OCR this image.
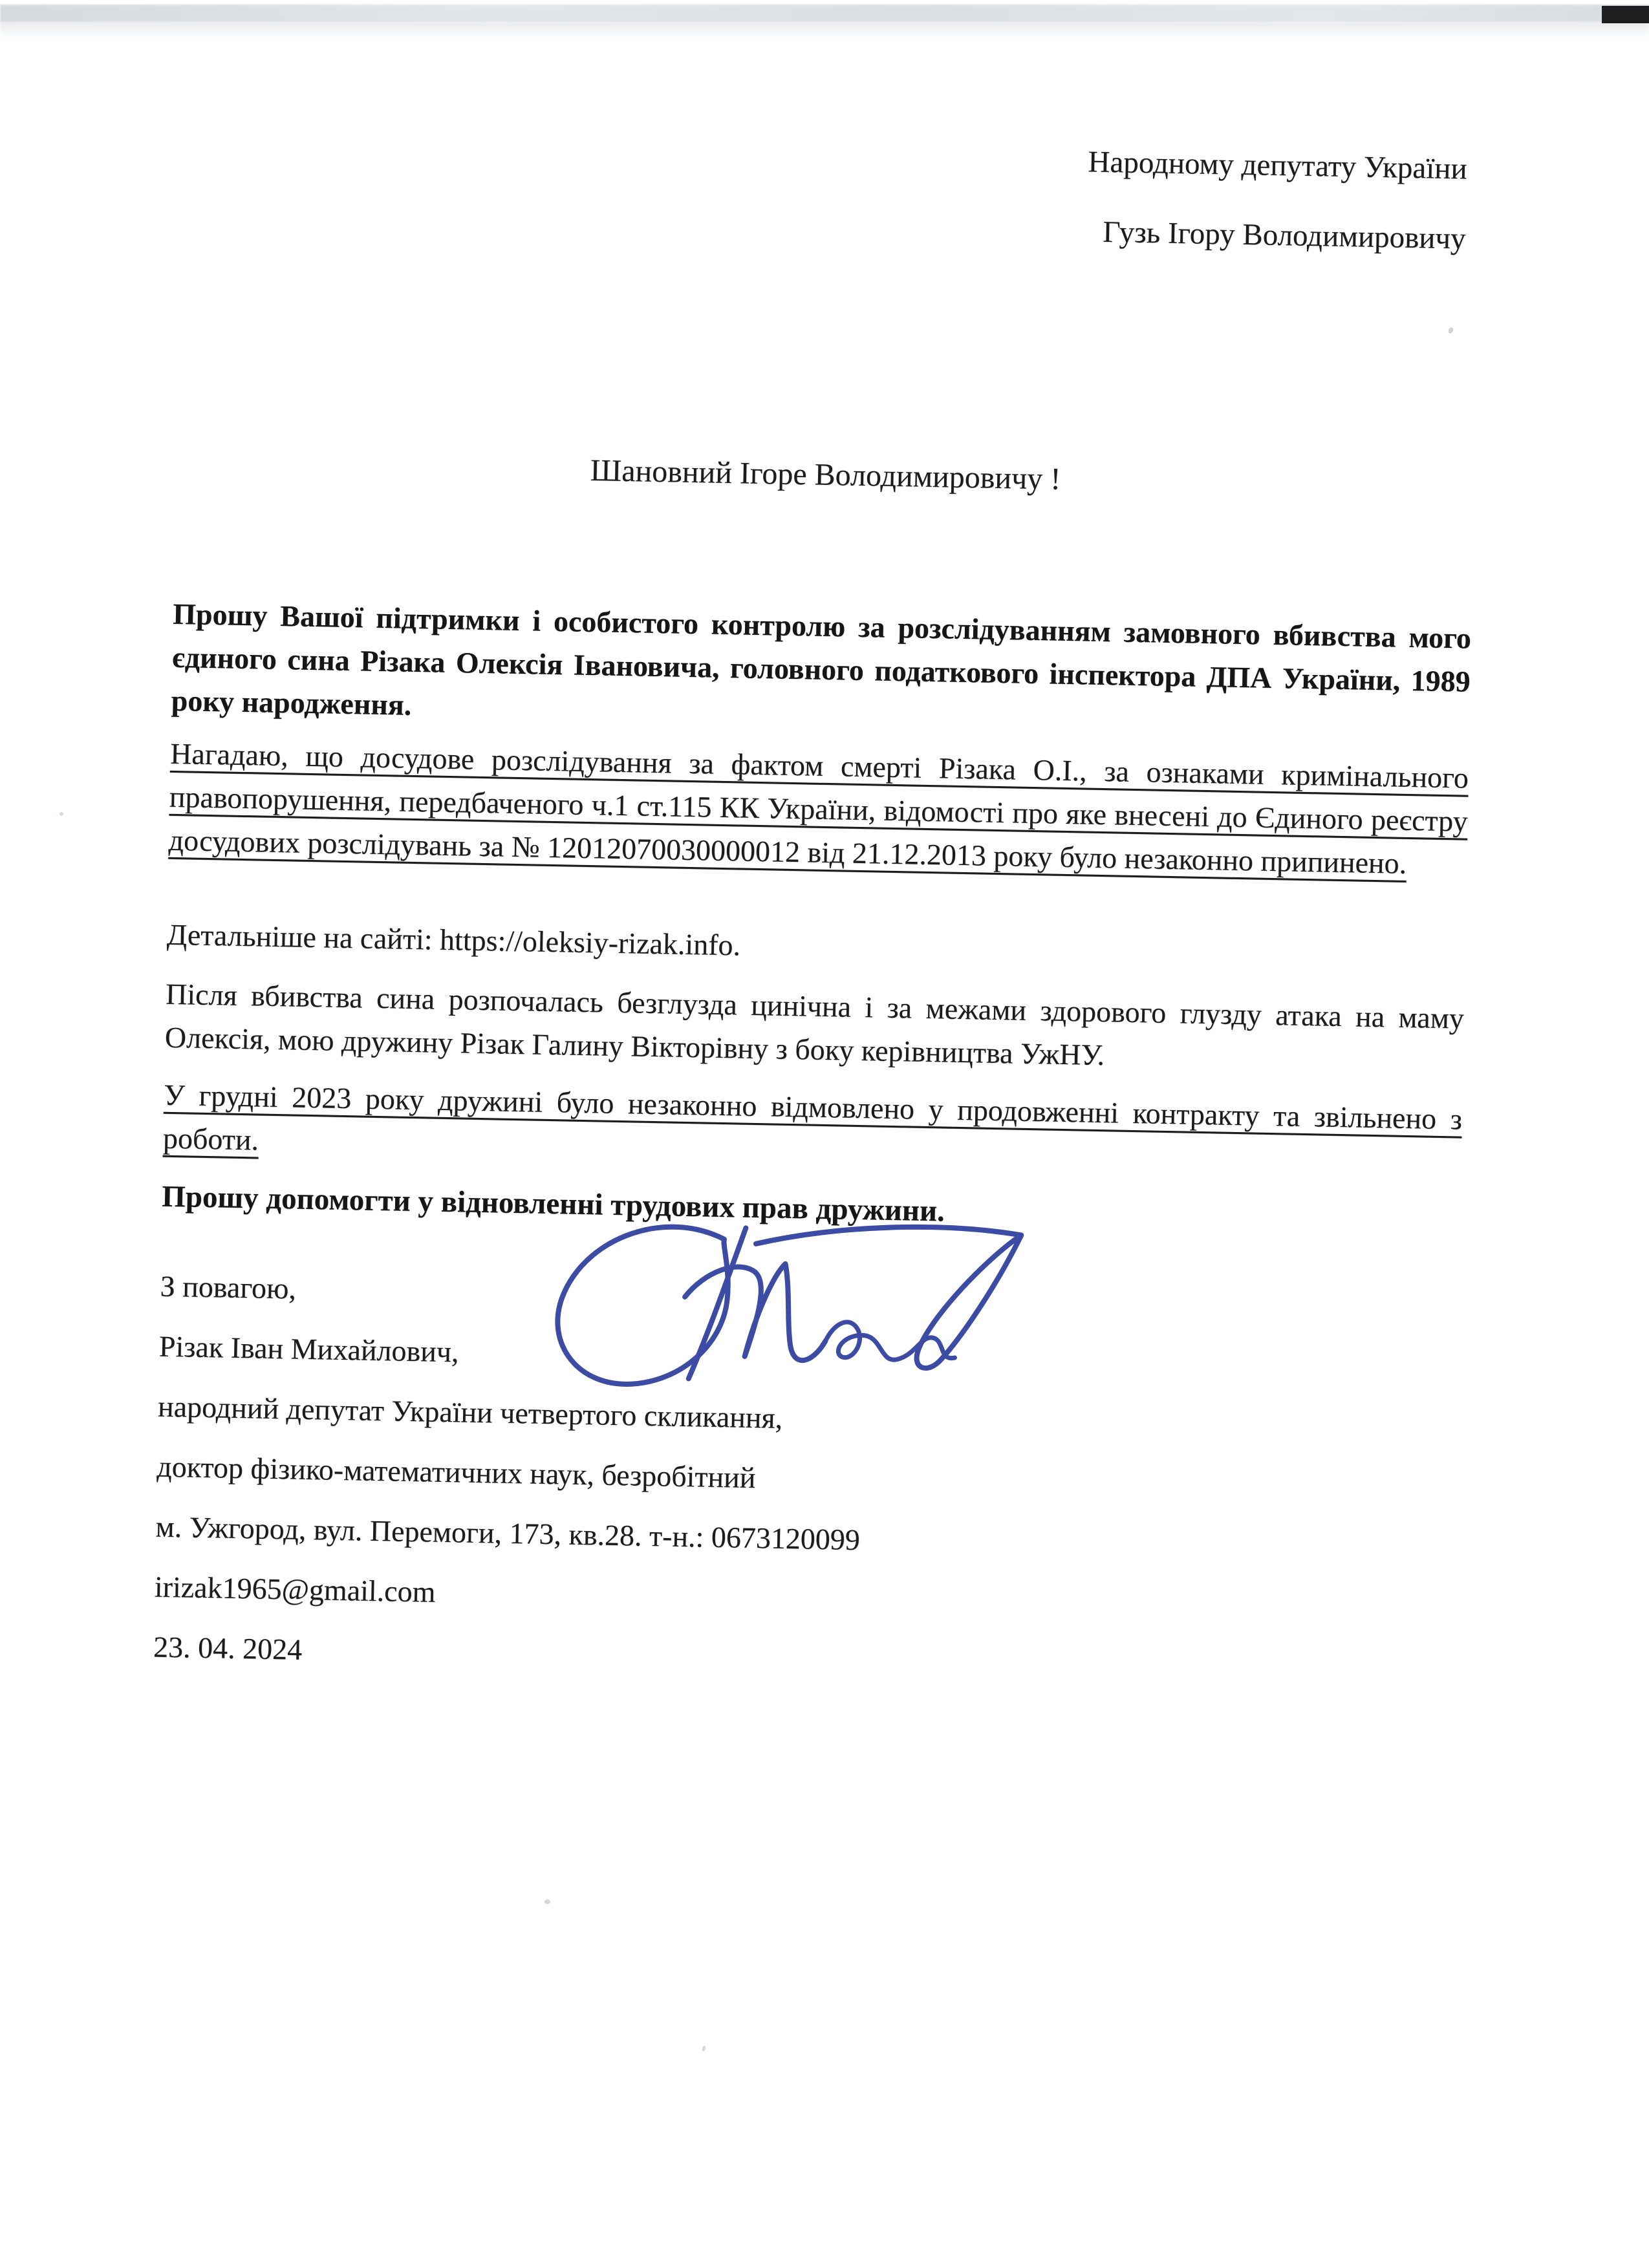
Народному депутату України
Гузь Ігору Володимировичу
Шановний Ігоре Володимировичу !

Прошу Вашої підтримки і особистого контролю за розслідуванням замовного вбивства мого єдиного сина Різака Олексія Івановича, головного податкового інспектора ДПА України, 1989 року народження.

Нагадаю, що досудове розслідування за фактом смерті Різака О.І., за ознаками кримінального правопорушення, передбаченого ч.1 ст.115 КК України, відомості про яке внесені до Єдиного реєстру досудових розслідувань за № 12012070030000012 від 21.12.2013 року було незаконно припинено.

Детальніше на сайті: https://oleksiy-rizak.info.

Після вбивства сина розпочалась безглузда цинічна і за межами здорового глузду атака на маму Олексія, мою дружину Різак Галину Вікторівну з боку керівництва УжНУ.

У грудні 2023 року дружині було незаконно відмовлено у продовженні контракту та звільнено з роботи.

Прошу допомогти у відновленні трудових прав дружини.

З повагою,

Різак Іван Михайлович,

народний депутат України четвертого скликання,

доктор фізико-математичних наук, безробітний

м. Ужгород, вул. Перемоги, 173, кв.28. т-н.: 0673120099

irizak1965@gmail.com

23. 04. 2024
